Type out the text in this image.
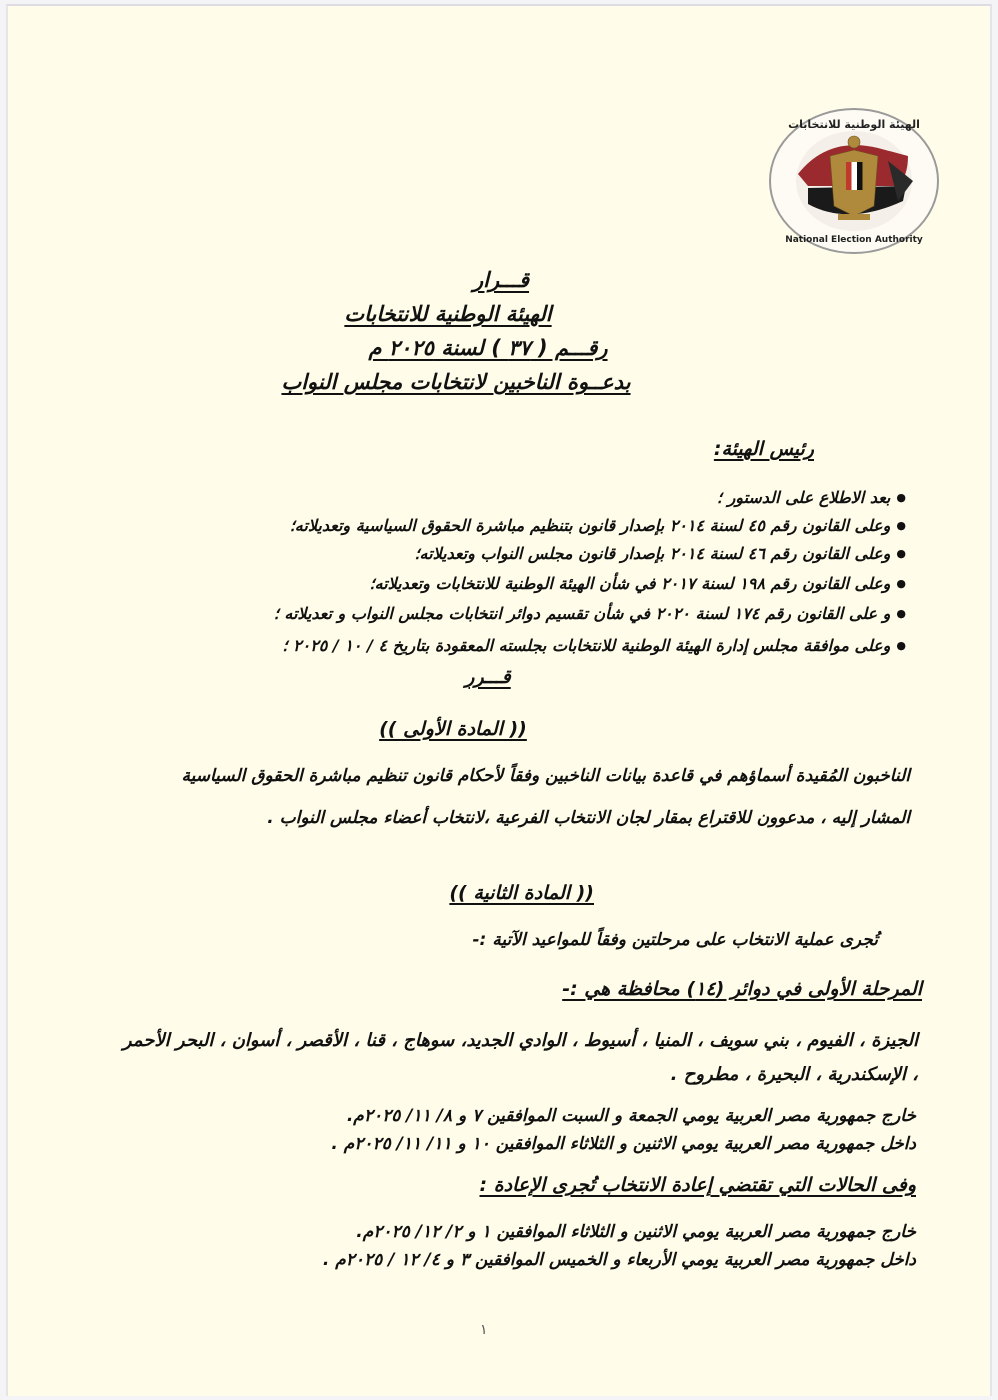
الهيئة الوطنية للانتخابات
National Election Authority
قـــرار
الهيئة الوطنية للانتخابات
رقـــم ( ٣٧ ) لسنة ٢٠٢٥ م
بدعــوة الناخبين لانتخابات مجلس النواب
رئيس الهيئة:
● بعد الاطلاع على الدستور ؛
● وعلى القانون رقم ٤٥ لسنة ٢٠١٤ بإصدار قانون بتنظيم مباشرة الحقوق السياسية وتعديلاته؛
● وعلى القانون رقم ٤٦ لسنة ٢٠١٤ بإصدار قانون مجلس النواب وتعديلاته؛
● وعلى القانون رقم ١٩٨ لسنة ٢٠١٧ في شأن الهيئة الوطنية للانتخابات وتعديلاته؛
● و على القانون رقم ١٧٤ لسنة ٢٠٢٠ في شأن تقسيم دوائر انتخابات مجلس النواب و تعديلاته ؛
● وعلى موافقة مجلس إدارة الهيئة الوطنية للانتخابات بجلسته المعقودة بتاريخ ٤ / ١٠ / ٢٠٢٥ ؛
قـــرر
(( المادة الأولى ))
الناخبون المُقيدة أسماؤهم في قاعدة بيانات الناخبين وفقاً لأحكام قانون تنظيم مباشرة الحقوق السياسية
المشار إليه ، مدعوون للاقتراع بمقار لجان الانتخاب الفرعية ،لانتخاب أعضاء مجلس النواب .
(( المادة الثانية ))
تُجرى عملية الانتخاب على مرحلتين وفقاً للمواعيد الآتية :-
المرحلة الأولى في دوائر (١٤) محافظة هي :-
الجيزة ، الفيوم ، بني سويف ، المنيا ، أسيوط ، الوادي الجديد، سوهاج ، قنا ، الأقصر ، أسوان ، البحر الأحمر
، الإسكندرية ، البحيرة ، مطروح .
خارج جمهورية مصر العربية يومي الجمعة و السبت الموافقين ٧ و ٨/ ١١/ ٢٠٢٥م.
داخل جمهورية مصر العربية يومي الاثنين و الثلاثاء الموافقين ١٠ و ١١/ ١١/ ٢٠٢٥م .
وفى الحالات التي تقتضي إعادة الانتخاب تُجرى الإعادة :
خارج جمهورية مصر العربية يومي الاثنين و الثلاثاء الموافقين ١ و ٢/ ١٢/ ٢٠٢٥م.
داخل جمهورية مصر العربية يومي الأربعاء و الخميس الموافقين ٣ و ٤/ ١٢ / ٢٠٢٥م .
١
